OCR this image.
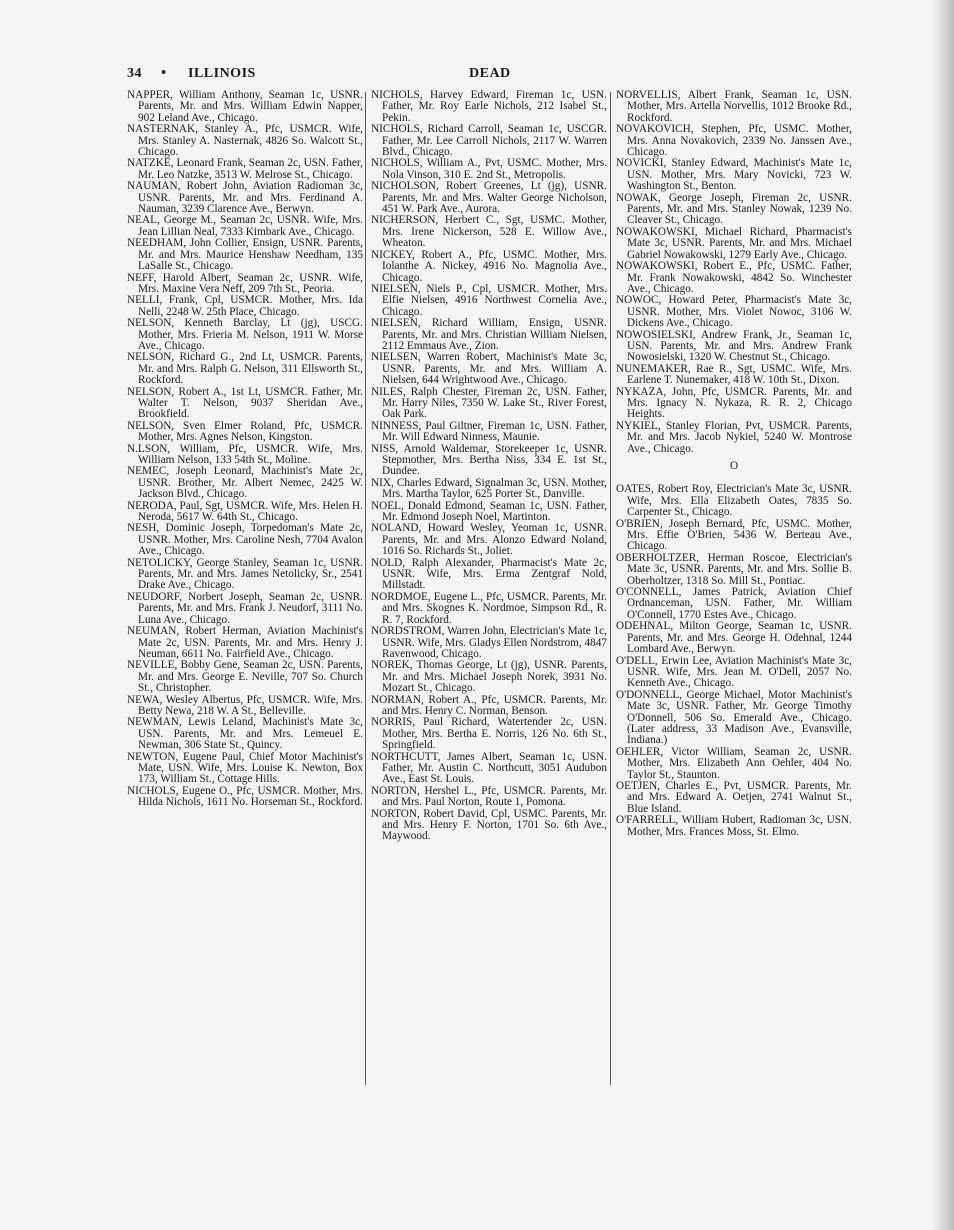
34 • ILLINOIS	DEAD

NAPPER, William Anthony, Seaman 1c, USNR. Parents, Mr. and Mrs. William Edwin Napper, 902 Leland Ave., Chicago.

NASTERNAK, Stanley A., Pfc, USMCR. Wife, Mrs. Stanley A. Nasternak, 4826 So. Walcott St., Chicago.

NATZKE, Leonard Frank, Seaman 2c, USN. Father, Mr. Leo Natzke, 3513 W. Melrose St., Chicago.

NAUMAN, Robert John, Aviation Radioman 3c, USNR. Parents, Mr. and Mrs. Ferdinand A. Nauman, 3239 Clarence Ave., Berwyn.

NEAL, George M., Seaman 2c, USNR. Wife, Mrs. Jean Lillian Neal, 7333 Kimbark Ave., Chicago.

NEEDHAM, John Collier, Ensign, USNR. Parents, Mr. and Mrs. Maurice Henshaw Needham, 135 LaSalle St., Chicago.

NEFF, Harold Albert, Seaman 2c, USNR. Wife, Mrs. Maxine Vera Neff, 209 7th St., Peoria.

NELLI, Frank, Cpl, USMCR. Mother, Mrs. Ida Nelli, 2248 W. 25th Place, Chicago.

NELSON, Kenneth Barclay, Lt (jg), USCG. Mother, Mrs. Frieria M. Nelson, 1911 W. Morse Ave., Chicago.

NELSON, Richard G., 2nd Lt, USMCR. Parents, Mr. and Mrs. Ralph G. Nelson, 311 Ellsworth St., Rockford.

NELSON, Robert A., 1st Lt, USMCR. Father, Mr. Walter T. Nelson, 9037 Sheridan Ave., Brookfield.

NELSON, Sven Elmer Roland, Pfc, USMCR. Mother, Mrs. Agnes Nelson, Kingston.

N.LSON, William, Pfc, USMCR. Wife, Mrs. William Nelson, 133 54th St., Moline.

NEMEC, Joseph Leonard, Machinist's Mate 2c, USNR. Brother, Mr. Albert Nemec, 2425 W. Jackson Blvd., Chicago.

NERODA, Paul, Sgt, USMCR. Wife, Mrs. Helen H. Neroda, 5617 W. 64th St., Chicago.

NESH, Dominic Joseph, Torpedoman's Mate 2c, USNR. Mother, Mrs. Caroline Nesh, 7704 Avalon Ave., Chicago.

NETOLICKY, George Stanley, Seaman 1c, USNR. Parents, Mr. and Mrs. James Netolicky, Sr., 2541 Drake Ave., Chicago.

NEUDORF, Norbert Joseph, Seaman 2c, USNR. Parents, Mr. and Mrs. Frank J. Neudorf, 3111 No. Luna Ave., Chicago.

NEUMAN, Robert Herman, Aviation Machinist's Mate 2c, USN. Parents, Mr. and Mrs. Henry J. Neuman, 6611 No. Fairfield Ave., Chicago.

NEVILLE, Bobby Gene, Seaman 2c, USN. Parents, Mr. and Mrs. George E. Neville, 707 So. Church St., Christopher.

NEWA, Wesley Albertus, Pfc, USMCR. Wife, Mrs. Betty Newa, 218 W. A St., Belleville.

NEWMAN, Lewis Leland, Machinist's Mate 3c, USN. Parents, Mr. and Mrs. Lemeuel E. Newman, 306 State St., Quincy.

NEWTON, Eugene Paul, Chief Motor Machinist's Mate, USN. Wife, Mrs. Louise K. Newton, Box 173, William St., Cottage Hills.

NICHOLS, Eugene O., Pfc, USMCR. Mother, Mrs. Hilda Nichols, 1611 No. Horseman St., Rockford.

NICHOLS, Harvey Edward, Fireman 1c, USN. Father, Mr. Roy Earle Nichols, 212 Isabel St., Pekin.

NICHOLS, Richard Carroll, Seaman 1c, USCGR. Father, Mr. Lee Carroll Nichols, 2117 W. Warren Blvd., Chicago.

NICHOLS, William A., Pvt, USMC. Mother, Mrs. Nola Vinson, 310 E. 2nd St., Metropolis.

NICHOLSON, Robert Greenes, Lt (jg), USNR. Parents, Mr. and Mrs. Walter George Nicholson, 451 W. Park Ave., Aurora.

NICHERSON, Herbert C., Sgt, USMC. Mother, Mrs. Irene Nickerson, 528 E. Willow Ave., Wheaton.

NICKEY, Robert A., Pfc, USMC. Mother, Mrs. Iolanthe A. Nickey, 4916 No. Magnolia Ave., Chicago.

NIELSEN, Niels P., Cpl, USMCR. Mother, Mrs. Elfie Nielsen, 4916 Northwest Cornelia Ave., Chicago.

NIELSEN, Richard William, Ensign, USNR. Parents, Mr. and Mrs. Christian William Nielsen, 2112 Emmaus Ave., Zion.

NIELSEN, Warren Robert, Machinist's Mate 3c, USNR. Parents, Mr. and Mrs. William A. Nielsen, 644 Wrightwood Ave., Chicago.

NILES, Ralph Chester, Fireman 2c, USN. Father, Mr. Harry Niles, 7350 W. Lake St., River Forest, Oak Park.

NINNESS, Paul Giltner, Fireman 1c, USN. Father, Mr. Will Edward Ninness, Maunie.

NISS, Arnold Waldemar, Storekeeper 1c, USNR. Stepmother, Mrs. Bertha Niss, 334 E. 1st St., Dundee.

NIX, Charles Edward, Signalman 3c, USN. Mother, Mrs. Martha Taylor, 625 Porter St., Danville.

NOEL, Donald Edmond, Seaman 1c, USN. Father, Mr. Edmond Joseph Noel, Martinton.

NOLAND, Howard Wesley, Yeoman 1c, USNR. Parents, Mr. and Mrs. Alonzo Edward Noland, 1016 So. Richards St., Joliet.

NOLD, Ralph Alexander, Pharmacist's Mate 2c, USNR. Wife, Mrs. Erma Zentgraf Nold, Millstadt.

NORDMOE, Eugene L., Pfc, USMCR. Parents, Mr. and Mrs. Skognes K. Nordmoe, Simpson Rd., R. R. 7, Rockford.

NORDSTROM, Warren John, Electrician's Mate 1c, USNR. Wife, Mrs. Gladys Ellen Nordstrom, 4847 Ravenwood, Chicago.

NOREK, Thomas George, Lt (jg), USNR. Parents, Mr. and Mrs. Michael Joseph Norek, 3931 No. Mozart St., Chicago.

NORMAN, Robert A., Pfc, USMCR. Parents, Mr. and Mrs. Henry C. Norman, Benson.

NORRIS, Paul Richard, Watertender 2c, USN. Mother, Mrs. Bertha E. Norris, 126 No. 6th St., Springfield.

NORTHCUTT, James Albert, Seaman 1c, USN. Father, Mr. Austin C. Northcutt, 3051 Audubon Ave., East St. Louis.

NORTON, Hershel L., Pfc, USMCR. Parents, Mr. and Mrs. Paul Norton, Route 1, Pomona.

NORTON, Robert David, Cpl, USMC. Parents, Mr. and Mrs. Henry F. Norton, 1701 So. 6th Ave., Maywood.

NORVELLIS, Albert Frank, Seaman 1c, USN. Mother, Mrs. Artella Norvellis, 1012 Brooke Rd., Rockford.

NOVAKOVICH, Stephen, Pfc, USMC. Mother, Mrs. Anna Novakovich, 2339 No. Janssen Ave., Chicago.

NOVICKI, Stanley Edward, Machinist's Mate 1c, USN. Mother, Mrs. Mary Novicki, 723 W. Washington St., Benton.

NOWAK, George Joseph, Fireman 2c, USNR. Parents, Mr. and Mrs. Stanley Nowak, 1239 No. Cleaver St., Chicago.

NOWAKOWSKI, Michael Richard, Pharmacist's Mate 3c, USNR. Parents, Mr. and Mrs. Michael Gabriel Nowakowski, 1279 Early Ave., Chicago.

NOWAKOWSKI, Robert E., Pfc, USMC. Father, Mr. Frank Nowakowski, 4842 So. Winchester Ave., Chicago.

NOWOC, Howard Peter, Pharmacist's Mate 3c, USNR. Mother, Mrs. Violet Nowoc, 3106 W. Dickens Ave., Chicago.

NOWOSIELSKI, Andrew Frank, Jr., Seaman 1c, USN. Parents, Mr. and Mrs. Andrew Frank Nowosielski, 1320 W. Chestnut St., Chicago.

NUNEMAKER, Rae R., Sgt, USMC. Wife, Mrs. Earlene T. Nunemaker, 418 W. 10th St., Dixon.

NYKAZA, John, Pfc, USMCR. Parents, Mr. and Mrs. Ignacy N. Nykaza, R. R. 2, Chicago Heights.

NYKIEL, Stanley Florian, Pvt, USMCR. Parents, Mr. and Mrs. Jacob Nykiel, 5240 W. Montrose Ave., Chicago.

O

OATES, Robert Roy, Electrician's Mate 3c, USNR. Wife, Mrs. Ella Elizabeth Oates, 7835 So. Carpenter St., Chicago.

O'BRIEN, Joseph Bernard, Pfc, USMC. Mother, Mrs. Effie O'Brien, 5436 W. Berteau Ave., Chicago.

OBERHOLTZER, Herman Roscoe, Electrician's Mate 3c, USNR. Parents, Mr. and Mrs. Sollie B. Oberholtzer, 1318 So. Mill St., Pontiac.

O'CONNELL, James Patrick, Aviation Chief Ordnanceman, USN. Father, Mr. William O'Connell, 1770 Estes Ave., Chicago.

ODEHNAL, Milton George, Seaman 1c, USNR. Parents, Mr. and Mrs. George H. Odehnal, 1244 Lombard Ave., Berwyn.

O'DELL, Erwin Lee, Aviation Machinist's Mate 3c, USNR. Wife, Mrs. Jean M. O'Dell, 2057 No. Kenneth Ave., Chicago.

O'DONNELL, George Michael, Motor Machinist's Mate 3c, USNR. Father, Mr. George Timothy O'Donnell, 506 So. Emerald Ave., Chicago. (Later address, 33 Madison Ave., Evansville, Indiana.)

OEHLER, Victor William, Seaman 2c, USNR. Mother, Mrs. Elizabeth Ann Oehler, 404 No. Taylor St., Staunton.

OETJEN, Charles E., Pvt, USMCR. Parents, Mr. and Mrs. Edward A. Oetjen, 2741 Walnut St., Blue Island.

O'FARRELL, William Hubert, Radioman 3c, USN. Mother, Mrs. Frances Moss, St. Elmo.
